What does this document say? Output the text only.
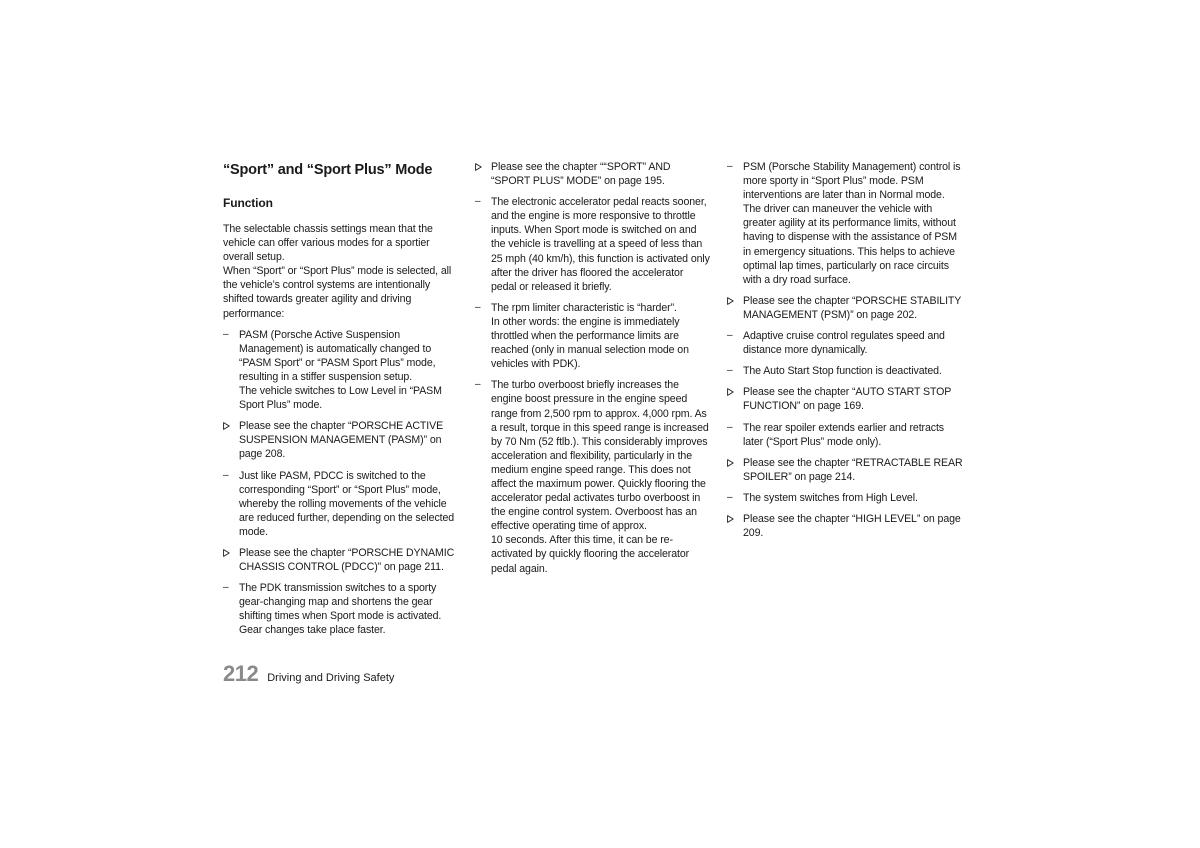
“Sport” and “Sport Plus” Mode
Function
The selectable chassis settings mean that the vehicle can offer various modes for a sportier overall setup.
When “Sport” or “Sport Plus” mode is selected, all the vehicle’s control systems are intentionally shifted towards greater agility and driving performance:
– PASM (Porsche Active Suspension Management) is automatically changed to “PASM Sport” or “PASM Sport Plus” mode, resulting in a stiffer suspension setup.
The vehicle switches to Low Level in “PASM Sport Plus” mode.
Please see the chapter “PORSCHE ACTIVE SUSPENSION MANAGEMENT (PASM)” on page 208.
– Just like PASM, PDCC is switched to the corresponding “Sport” or “Sport Plus” mode, whereby the rolling movements of the vehicle are reduced further, depending on the selected mode.
Please see the chapter “PORSCHE DYNAMIC CHASSIS CONTROL (PDCC)” on page 211.
– The PDK transmission switches to a sporty gear-changing map and shortens the gear shifting times when Sport mode is activated. Gear changes take place faster.
Please see the chapter ““SPORT” AND “SPORT PLUS” MODE” on page 195.
– The electronic accelerator pedal reacts sooner, and the engine is more responsive to throttle inputs. When Sport mode is switched on and the vehicle is travelling at a speed of less than 25 mph (40 km/h), this function is activated only after the driver has floored the accelerator pedal or released it briefly.
– The rpm limiter characteristic is “harder”.
In other words: the engine is immediately throttled when the performance limits are reached (only in manual selection mode on vehicles with PDK).
– The turbo overboost briefly increases the engine boost pressure in the engine speed range from 2,500 rpm to approx. 4,000 rpm. As a result, torque in this speed range is increased by 70 Nm (52 ftlb.). This considerably improves acceleration and flexibility, particularly in the medium engine speed range. This does not affect the maximum power. Quickly flooring the accelerator pedal activates turbo overboost in the engine control system. Overboost has an effective operating time of approx.
10 seconds. After this time, it can be re-activated by quickly flooring the accelerator pedal again.
– PSM (Porsche Stability Management) control is more sporty in “Sport Plus” mode. PSM interventions are later than in Normal mode. The driver can maneuver the vehicle with greater agility at its performance limits, without having to dispense with the assistance of PSM in emergency situations. This helps to achieve optimal lap times, particularly on race circuits with a dry road surface.
Please see the chapter “PORSCHE STABILITY MANAGEMENT (PSM)” on page 202.
– Adaptive cruise control regulates speed and distance more dynamically.
– The Auto Start Stop function is deactivated.
Please see the chapter “AUTO START STOP FUNCTION” on page 169.
– The rear spoiler extends earlier and retracts later (“Sport Plus” mode only).
Please see the chapter “RETRACTABLE REAR SPOILER” on page 214.
– The system switches from High Level.
Please see the chapter “HIGH LEVEL” on page 209.
212 Driving and Driving Safety
